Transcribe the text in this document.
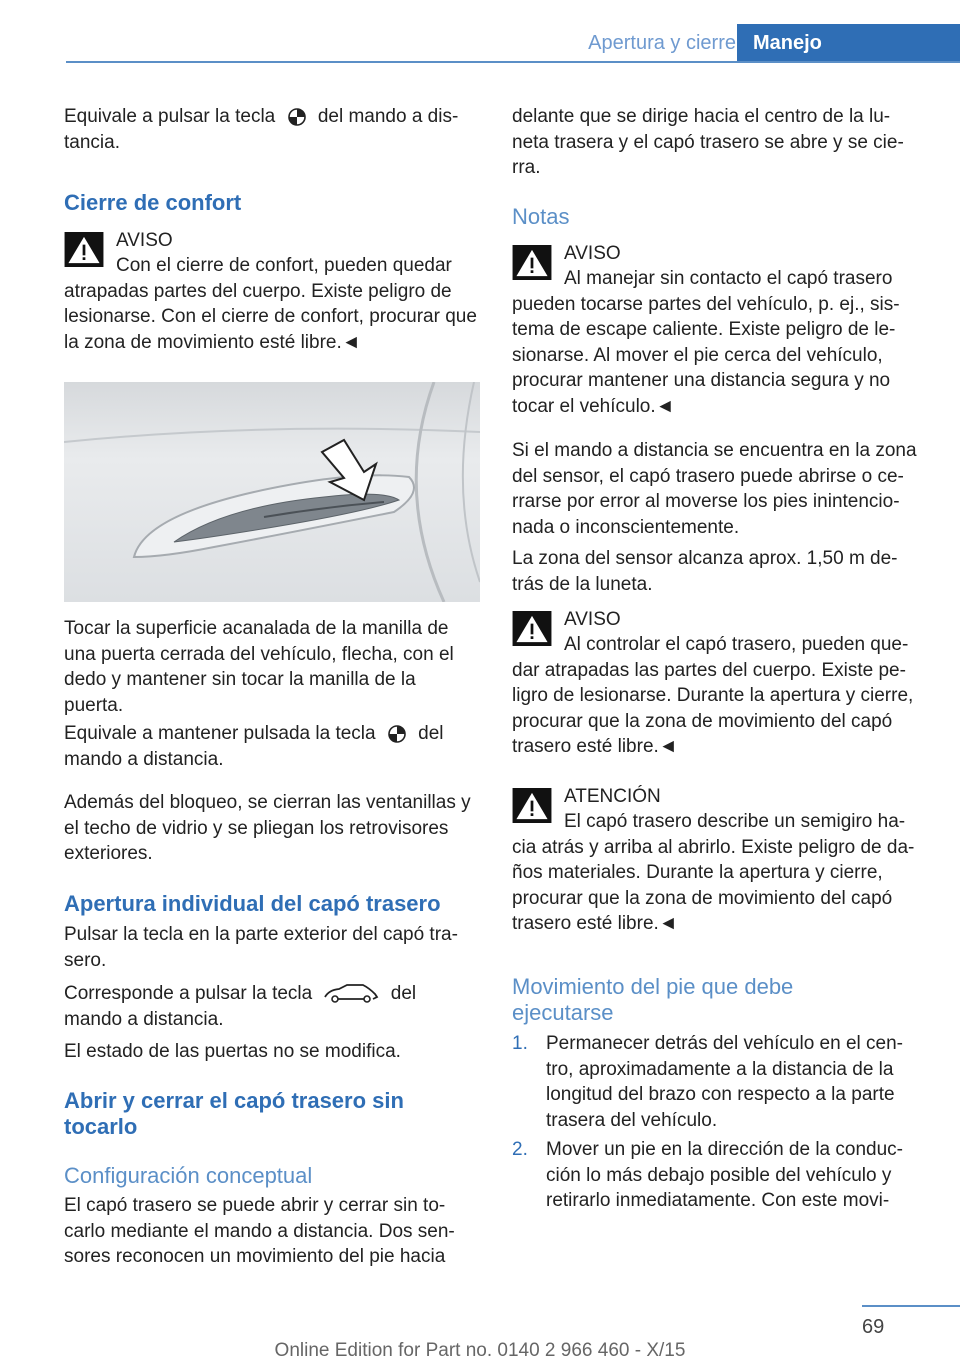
Apertura y cierre Manejo

Equivale a pulsar la tecla del mando a dis-
tancia.

Cierre de confort
AVISO
Con el cierre de confort, pueden quedar atrapadas partes del cuerpo. Existe peligro de lesionarse. Con el cierre de confort, procurar que la zona de movimiento esté libre.◄

Tocar la superficie acanalada de la manilla de una puerta cerrada del vehículo, flecha, con el dedo y mantener sin tocar la manilla de la puerta.

Equivale a mantener pulsada la tecla del
mando a distancia.

Además del bloqueo, se cierran las ventanillas y el techo de vidrio y se pliegan los retrovisores exteriores.

Apertura individual del capó trasero

Pulsar la tecla en la parte exterior del capó tra- sero.

Corresponde a pulsar la tecla	del
mando a distancia.

El estado de las puertas no se modifica.

Abrir y cerrar el capó trasero sin tocarlo
Configuración conceptual

El capó trasero se puede abrir y cerrar sin to- carlo mediante el mando a distancia. Dos sen- sores reconocen un movimiento del pie hacia

delante que se dirige hacia el centro de la lu- neta trasera y el capó trasero se abre y se cie- rra.

Notas
AVISO
Al manejar sin contacto el capó trasero pueden tocarse partes del vehículo, p. ej., sis- tema de escape caliente. Existe peligro de le- sionarse. Al mover el pie cerca del vehículo, procurar mantener una distancia segura y no tocar el vehículo.◄

Si el mando a distancia se encuentra en la zona del sensor, el capó trasero puede abrirse o ce- rrarse por error al moverse los pies inintencio- nada o inconscientemente.

La zona del sensor alcanza aprox. 1,50 m de- trás de la luneta.

AVISO
Al controlar el capó trasero, pueden que- dar atrapadas las partes del cuerpo. Existe pe- ligro de lesionarse. Durante la apertura y cierre, procurar que la zona de movimiento del capó trasero esté libre.◄
ATENCIÓN
El capó trasero describe un semigiro ha- cia atrás y arriba al abrirlo. Existe peligro de da- ños materiales. Durante la apertura y cierre, procurar que la zona de movimiento del capó trasero esté libre.◄
Movimiento del pie que debe ejecutarse
1. Permanecer detrás del vehículo en el cen- tro, aproximadamente a la distancia de la longitud del brazo con respecto a la parte trasera del vehículo.
2. Mover un pie en la dirección de la conduc- ción lo más debajo posible del vehículo y retirarlo inmediatamente. Con este movi-
69
Online Edition for Part no. 0140 2 966 460 - X/15
